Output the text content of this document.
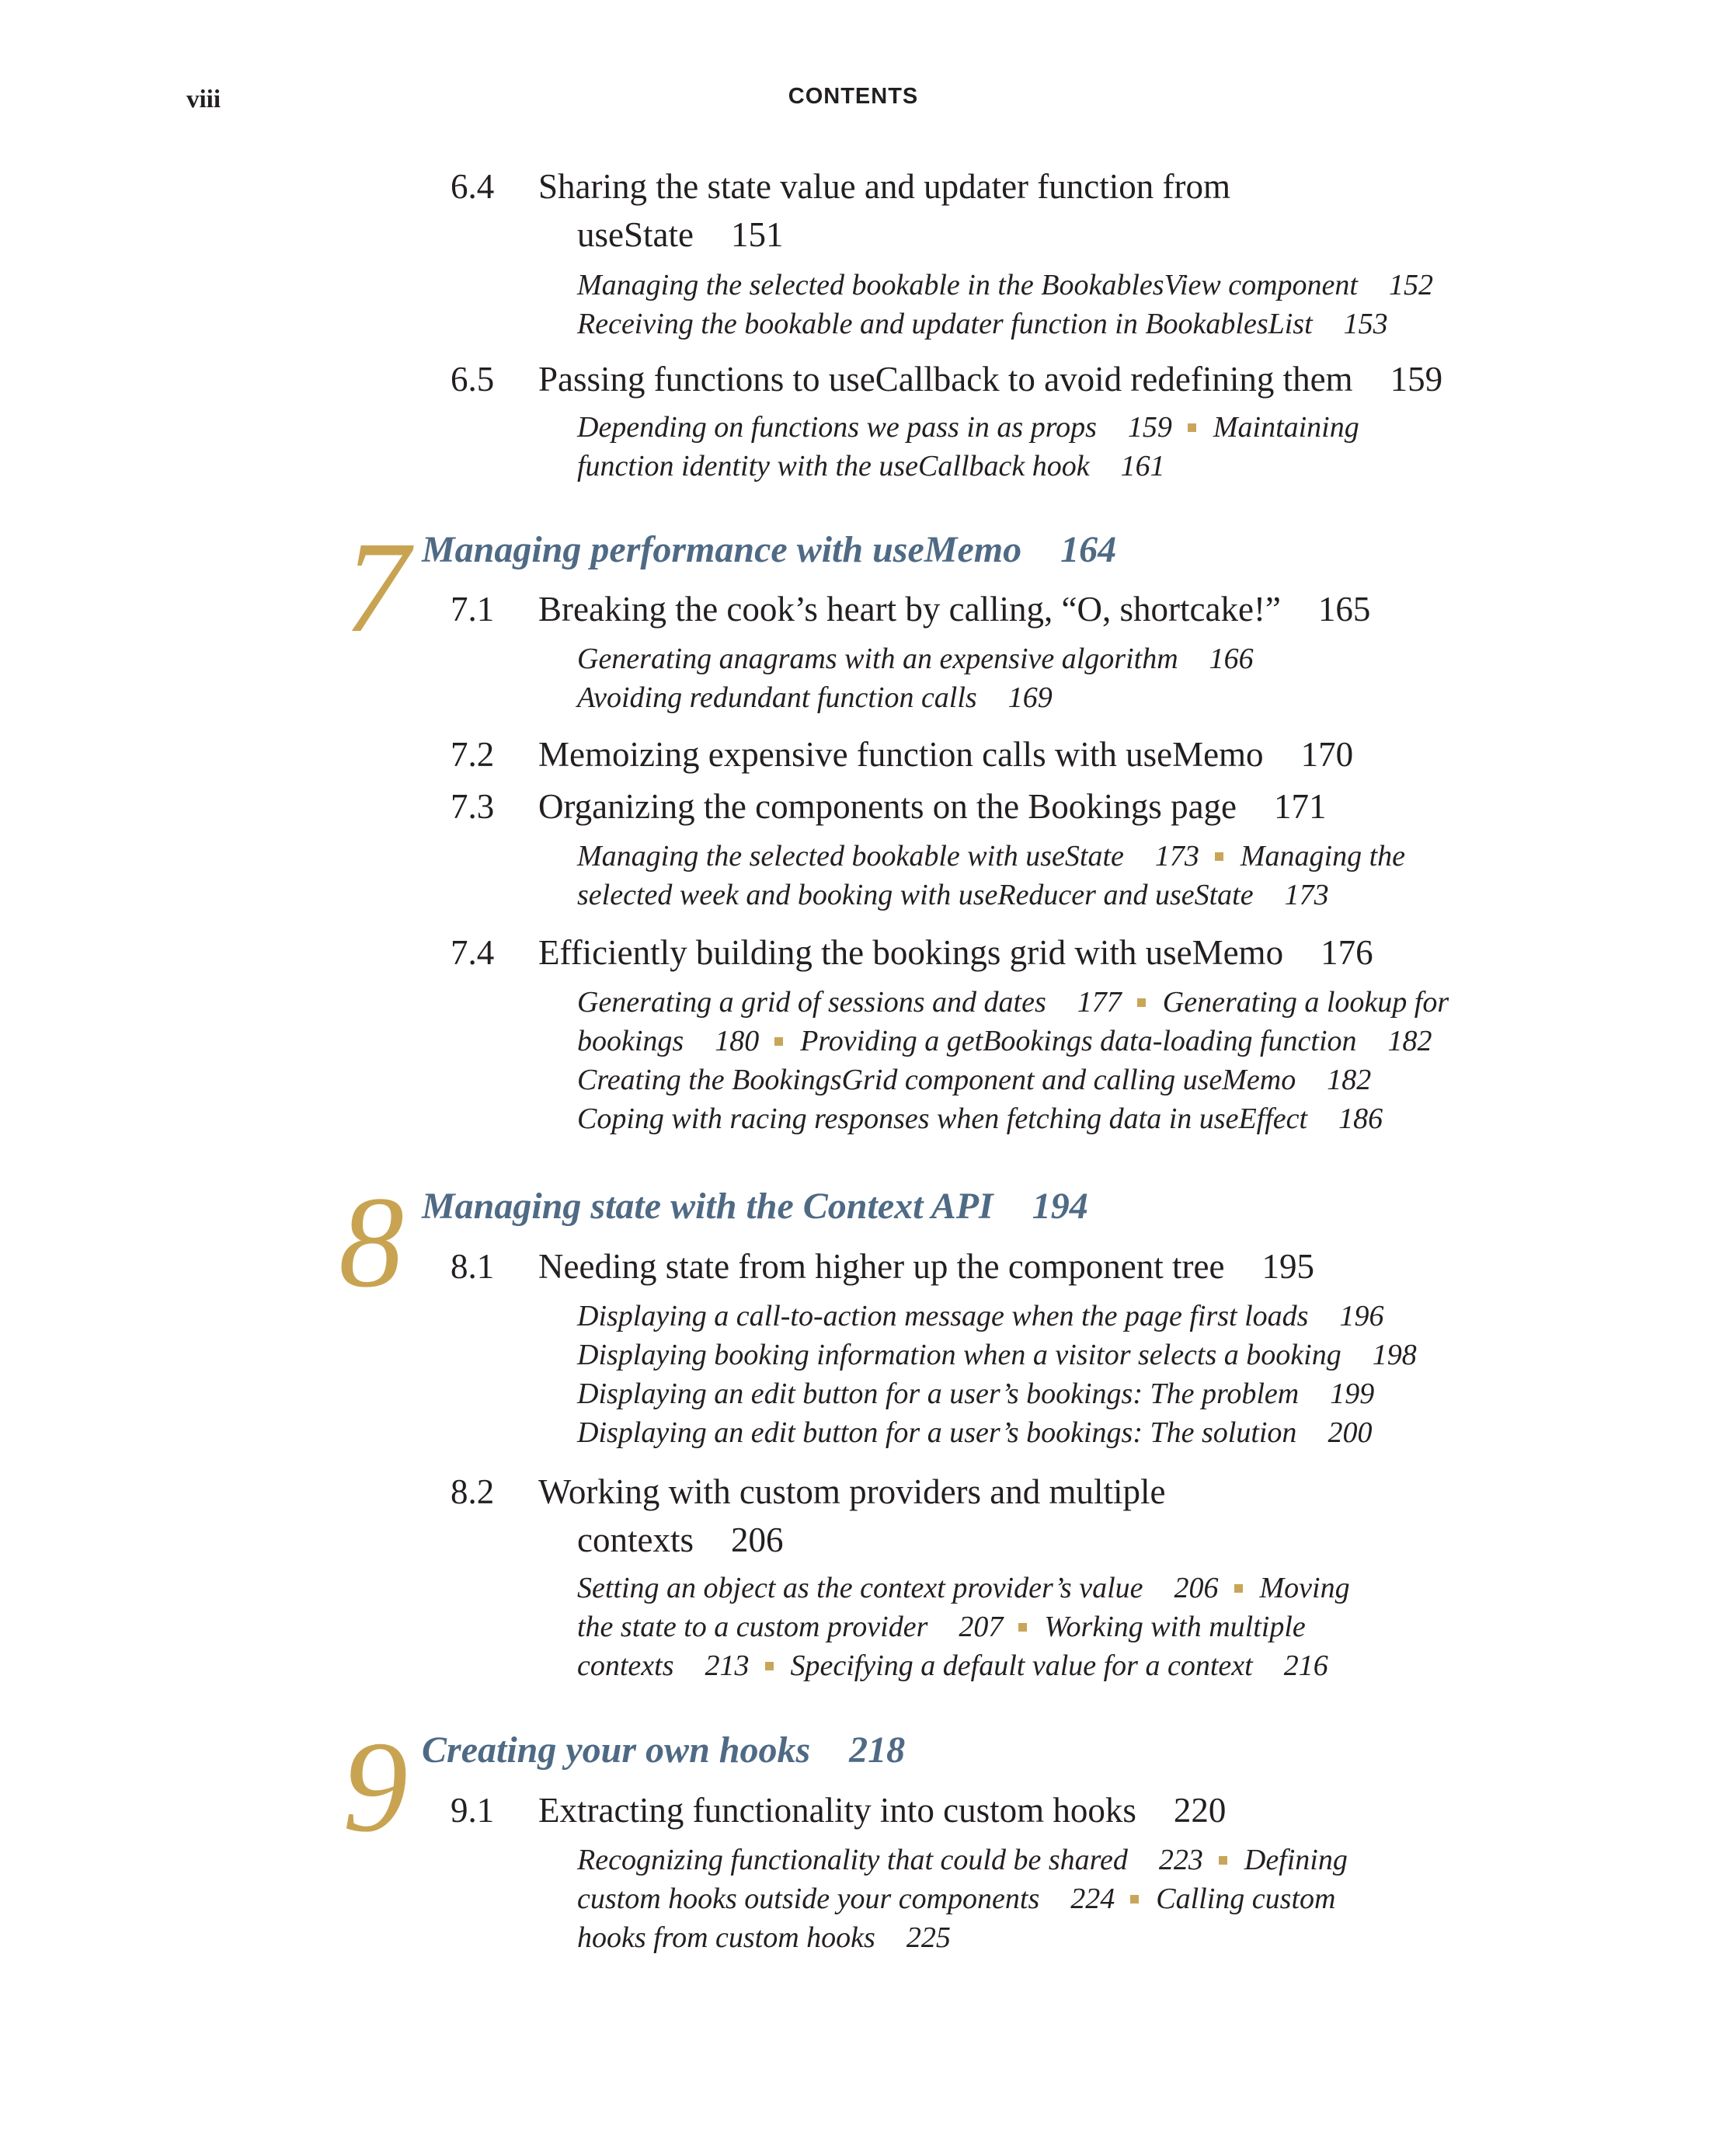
viii	CONTENTS
6.4 Sharing the state value and updater function from
useState 151
Managing the selected bookable in the BookablesView component 152
Receiving the bookable and updater function in BookablesList 153
6.5 Passing functions to useCallback to avoid redefining them 159
Depending on functions we pass in as props 159 Maintaining
function identity with the useCallback hook 161
7 Managing performance with useMemo 164
7.1 Breaking the cook’s heart by calling, “O, shortcake!” 165
Generating anagrams with an expensive algorithm 166
Avoiding redundant function calls 169
7.2 Memoizing expensive function calls with useMemo 170
7.3 Organizing the components on the Bookings page 171
Managing the selected bookable with useState 173 Managing the
selected week and booking with useReducer and useState 173
7.4 Efficiently building the bookings grid with useMemo 176
Generating a grid of sessions and dates 177 Generating a lookup for
bookings 180 Providing a getBookings data-loading function 182
Creating the BookingsGrid component and calling useMemo 182
Coping with racing responses when fetching data in useEffect 186
8 Managing state with the Context API 194
8.1 Needing state from higher up the component tree 195
Displaying a call-to-action message when the page first loads 196
Displaying booking information when a visitor selects a booking 198
Displaying an edit button for a user’s bookings: The problem 199
Displaying an edit button for a user’s bookings: The solution 200
8.2 Working with custom providers and multiple
contexts 206
Setting an object as the context provider’s value 206 Moving
the state to a custom provider 207 Working with multiple
contexts 213 Specifying a default value for a context 216
9 Creating your own hooks 218
9.1 Extracting functionality into custom hooks 220
Recognizing functionality that could be shared 223 Defining
custom hooks outside your components 224 Calling custom
hooks from custom hooks 225
